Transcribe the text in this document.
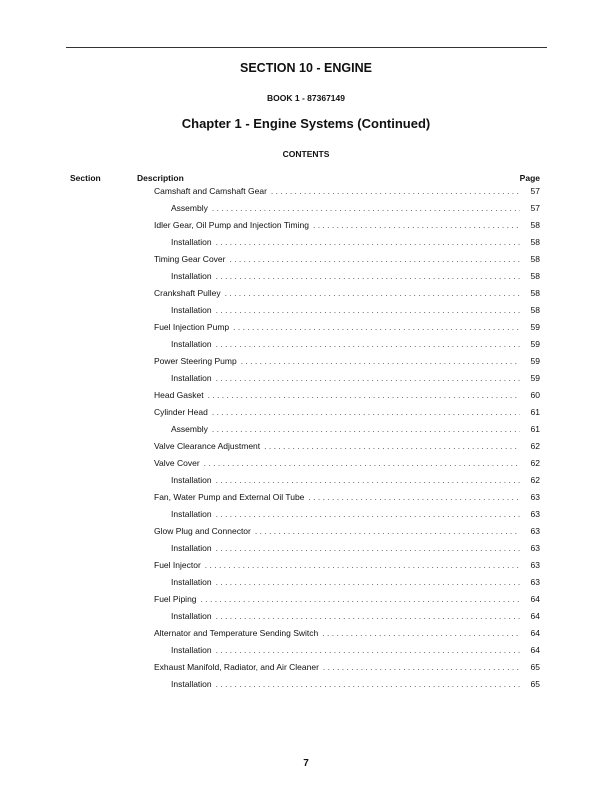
SECTION 10 - ENGINE
BOOK 1 - 87367149
Chapter 1 - Engine Systems (Continued)
CONTENTS
Section	Description	Page
Camshaft and Camshaft Gear . . .	57
Assembly . . .	57
Idler Gear, Oil Pump and Injection Timing . . .	58
Installation . . .	58
Timing Gear Cover . . .	58
Installation . . .	58
Crankshaft Pulley . . .	58
Installation . . .	58
Fuel Injection Pump . . .	59
Installation . . .	59
Power Steering Pump . . .	59
Installation . . .	59
Head Gasket . . .	60
Cylinder Head . . .	61
Assembly . . .	61
Valve Clearance Adjustment . . .	62
Valve Cover . . .	62
Installation . . .	62
Fan, Water Pump and External Oil Tube . . .	63
Installation . . .	63
Glow Plug and Connector . . .	63
Installation . . .	63
Fuel Injector . . .	63
Installation . . .	63
Fuel Piping . . .	64
Installation . . .	64
Alternator and Temperature Sending Switch . . .	64
Installation . . .	64
Exhaust Manifold, Radiator, and Air Cleaner . . .	65
Installation . . .	65
7
